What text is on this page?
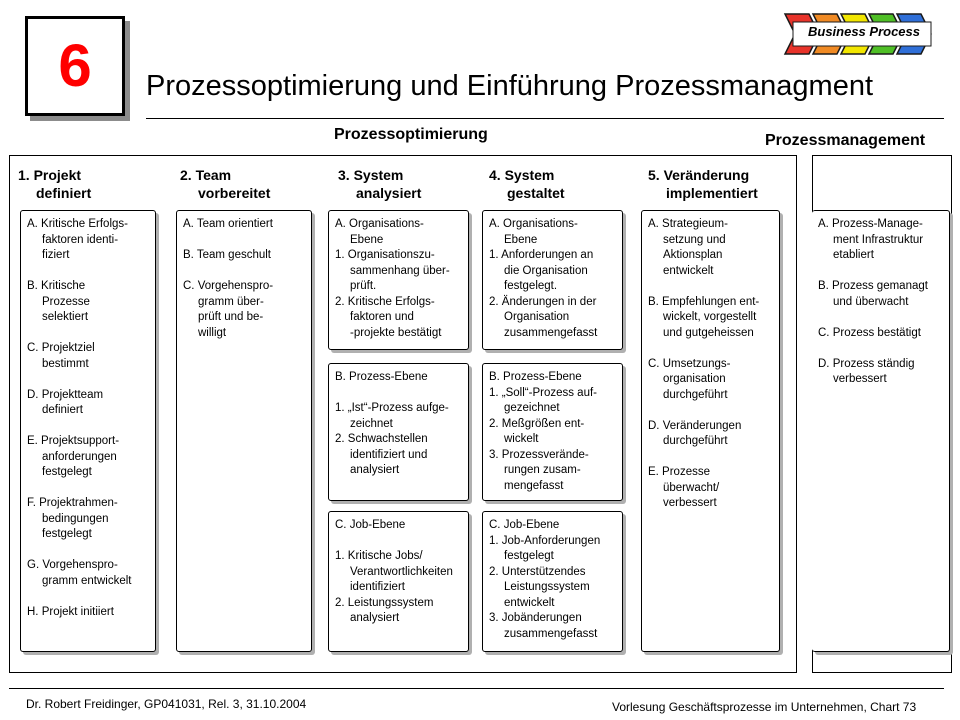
6 Prozessoptimierung und Einführung Prozessmanagment
Business Process
Prozessoptimierung	Prozessmanagement
1. Projekt
definiert
2. Team
vorbereitet
3. System
analysiert
4. System
gestaltet
5. Veränderung
implementiert
A. Kritische Erfolgs-
faktoren identi-
fiziert

B. Kritische
Prozesse
selektiert

C. Projektziel
bestimmt

D. Projektteam
definiert

E. Projektsupport-
anforderungen
festgelegt

F. Projektrahmen-
bedingungen
festgelegt

G. Vorgehenspro-
gramm entwickelt

H. Projekt initiiert
A. Team orientiert

B. Team geschult

C. Vorgehenspro-
gramm über-
prüft und be-
willigt
A. Organisations-
Ebene
1. Organisationszu-
sammenhang über-
prüft.
2. Kritische Erfolgs-
faktoren und
-projekte bestätigt
B. Prozess-Ebene

1. „Ist“-Prozess aufge-
zeichnet
2. Schwachstellen
identifiziert und
analysiert
C. Job-Ebene

1. Kritische Jobs/
Verantwortlichkeiten
identifiziert
2. Leistungssystem
analysiert
A. Organisations-
Ebene
1. Anforderungen an
die Organisation
festgelegt.
2. Änderungen in der
Organisation
zusammengefasst
B. Prozess-Ebene
1. „Soll“-Prozess auf-
gezeichnet
2. Meßgrößen ent-
wickelt
3. Prozessverände-
rungen zusam-
mengefasst
C. Job-Ebene
1. Job-Anforderungen
festgelegt
2. Unterstützendes
Leistungssystem
entwickelt
3. Jobänderungen
zusammengefasst
A. Strategieum-
setzung und
Aktionsplan
entwickelt

B. Empfehlungen ent-
wickelt, vorgestellt
und gutgeheissen

C. Umsetzungs-
organisation
durchgeführt

D. Veränderungen
durchgeführt

E. Prozesse
überwacht/
verbessert
A. Prozess-Manage-
ment Infrastruktur
etabliert

B. Prozess gemanagt
und überwacht

C. Prozess bestätigt

D. Prozess ständig
verbessert
Dr. Robert Freidinger, GP041031, Rel. 3, 31.10.2004	Vorlesung Geschäftsprozesse im Unternehmen, Chart 73
